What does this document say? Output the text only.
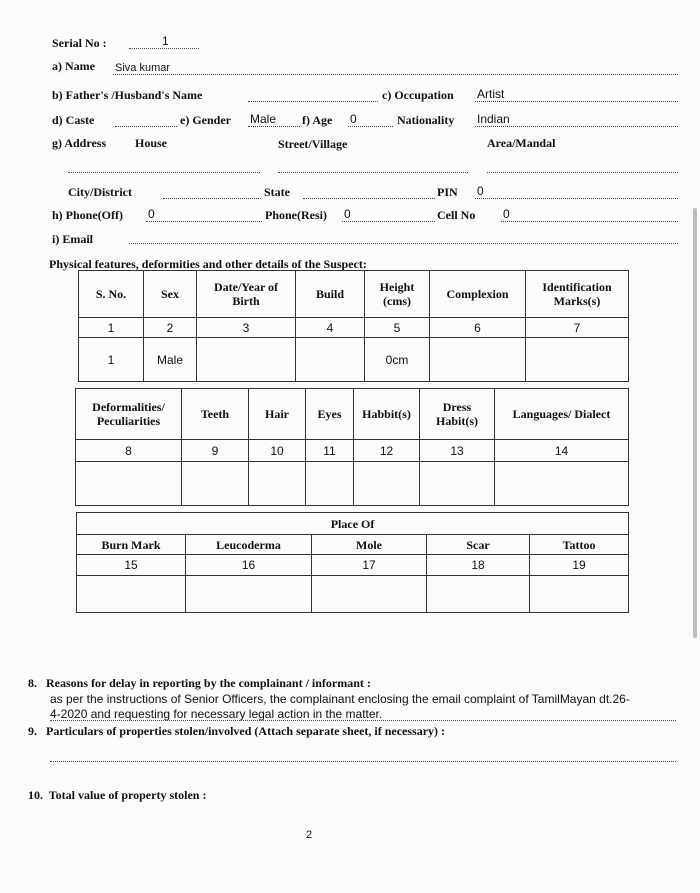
Serial No :	1
a) Name Siva kumar
b) Father's /Husband's Name	c) Occupation Artist
d) Caste	e) Gender Male f) Age 0	Nationality Indian
g) Address House	Street/Village	Area/Mandal
City/District	State	PIN 0
h) Phone(Off) 0	Phone(Resi) 0	Cell No 0
i) Email
Physical features, deformities and other details of the Suspect:
S. No.	Sex	Date/Year of Birth	Build	Height (cms)	Complexion	Identification Marks(s)
1	2	3	4	5	6	7
1	Male			0cm		
Deformalities/ Peculiarities	Teeth	Hair	Eyes	Habbit(s)	Dress Habit(s)	Languages/ Dialect
8	9	10	11	12	13	14

Place Of				
Burn Mark	Leucoderma	Mole	Scar	Tattoo
15	16	17	18	19

8.   Reasons for delay in reporting by the complainant / informant :
as per the instructions of Senior Officers, the complainant enclosing the email complaint of TamilMayan dt.26-
4-2020 and requesting for necessary legal action in the matter.
9.   Particulars of properties stolen/involved (Attach separate sheet, if necessary) :
10.  Total value of property stolen :
2
